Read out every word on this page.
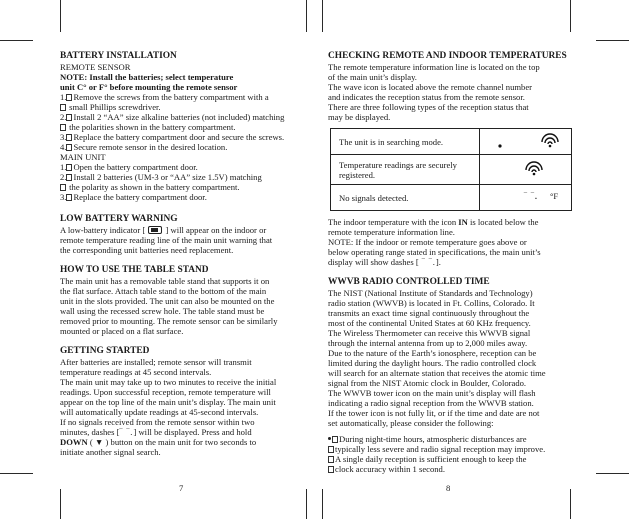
BATTERY INSTALLATION
REMOTE SENSOR
NOTE: Install the batteries; select temperature
unit C° or F° before mounting the remote sensor
1. Remove the screws from the battery compartment with a
small Phillips screwdriver.
2. Install 2 “AA” size alkaline batteries (not included) matching
the polarities shown in the battery compartment.
3. Replace the battery compartment door and secure the screws.
4. Secure remote sensor in the desired location.
MAIN UNIT
1. Open the battery compartment door.
2. Install 2 batteries (UM-3 or “AA” size 1.5V) matching
the polarity as shown in the battery compartment.
3. Replace the battery compartment door.
LOW BATTERY WARNING
A low-battery indicator [ ] will appear on the indoor or
remote temperature reading line of the main unit warning that
the corresponding unit batteries need replacement.
HOW TO USE THE TABLE STAND
The main unit has a removable table stand that supports it on
the flat surface. Attach table stand to the bottom of the main
unit in the slots provided. The unit can also be mounted on the
wall using the recessed screw hole. The table stand must be
removed prior to mounting. The remote sensor can be similarly
mounted or placed on a flat surface.
GETTING STARTED
After batteries are installed; remote sensor will transmit
temperature readings at 45 second intervals.
The main unit may take up to two minutes to receive the initial
readings. Upon successful reception, remote temperature will
appear on the top line of the main unit’s display. The main unit
will automatically update readings at 45-second intervals.
If no signals received from the remote sensor within two
minutes, dashes [‾ ‾.] will be displayed. Press and hold
DOWN ( ▼ ) button on the main unit for two seconds to
initiate another signal search.
7
CHECKING REMOTE AND INDOOR TEMPERATURES
The remote temperature information line is located on the top
of the main unit’s display.
The wave icon is located above the remote channel number
and indicates the reception status from the remote sensor.
There are three following types of the reception status that
may be displayed.
The unit is in searching mode.	

Temperature readings are securely registered.	

No signals detected.	‾ ‾. °F
The indoor temperature with the icon IN is located below the
remote temperature information line.
NOTE: If the indoor or remote temperature goes above or
below operating range stated in specifications, the main unit’s
display will show dashes [ ‾ ‾.].
WWVB RADIO CONTROLLED TIME
The NIST (National Institute of Standards and Technology)
radio station (WWVB) is located in Ft. Collins, Colorado. It
transmits an exact time signal continuously throughout the
most of the continental United States at 60 KHz frequency.
The Wireless Thermometer can receive this WWVB signal
through the internal antenna from up to 2,000 miles away.
Due to the nature of the Earth’s ionosphere, reception can be
limited during the daylight hours. The radio controlled clock
will search for an alternate station that receives the atomic time
signal from the NIST Atomic clock in Boulder, Colorado.
The WWVB tower icon on the main unit’s display will flash
indicating a radio signal reception from the WWVB station.
If the tower icon is not fully lit, or if the time and date are not
set automatically, please consider the following:
During night-time hours, atmospheric disturbances are
typically less severe and radio signal reception may improve.
A single daily reception is sufficient enough to keep the
clock accuracy within 1 second.
8
